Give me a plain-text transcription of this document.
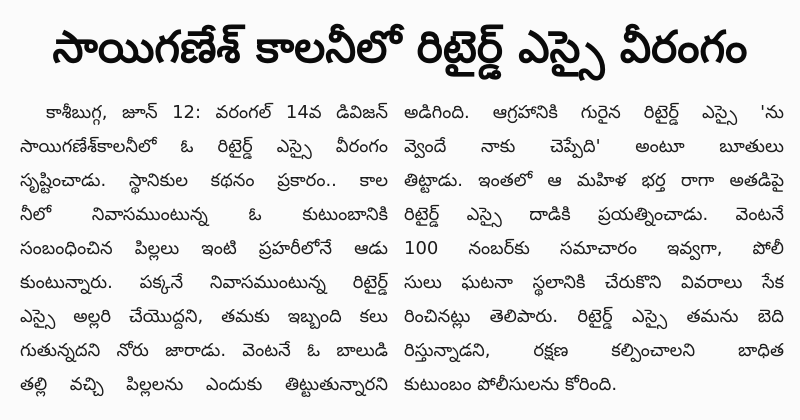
సాయిగణేశ్ కాలనీలో రిటైర్డ్ ఎస్సై వీరంగం
కాశీబుగ్గ, జూన్ 12: వరంగల్ 14వ డివిజన్
సాయిగణేశ్‌కాలనీలో ఓ రిటైర్డ్ ఎస్సై వీరంగం
సృష్టించాడు. స్థానికుల కథనం ప్రకారం.. కాల
నీలో నివాసముంటున్న ఓ కుటుంబానికి
సంబంధించిన పిల్లలు ఇంటి ప్రహరీలోనే ఆడు
కుంటున్నారు. పక్కనే నివాసముంటున్న రిటైర్డ్
ఎస్సై అల్లరి చేయొద్దని, తమకు ఇబ్బంది కలు
గుతున్నదని నోరు జారాడు. వెంటనే ఓ బాలుడి
తల్లి వచ్చి పిల్లలను ఎందుకు తిట్టుతున్నారని
అడిగింది. ఆగ్రహానికి గురైన రిటైర్డ్ ఎస్సై 'ను
వ్వెందే నాకు చెప్పేది' అంటూ బూతులు
తిట్టాడు. ఇంతలో ఆ మహిళ భర్త రాగా అతడిపై
రిటైర్డ్ ఎస్సై దాడికి ప్రయత్నించాడు. వెంటనే
100 నంబర్‌కు సమాచారం ఇవ్వగా, పోలీ
సులు ఘటనా స్థలానికి చేరుకొని వివరాలు సేక
రించినట్లు తెలిపారు. రిటైర్డ్ ఎస్సై తమను బెది
రిస్తున్నాడని, రక్షణ కల్పించాలని బాధిత
కుటుంబం పోలీసులను కోరింది.
